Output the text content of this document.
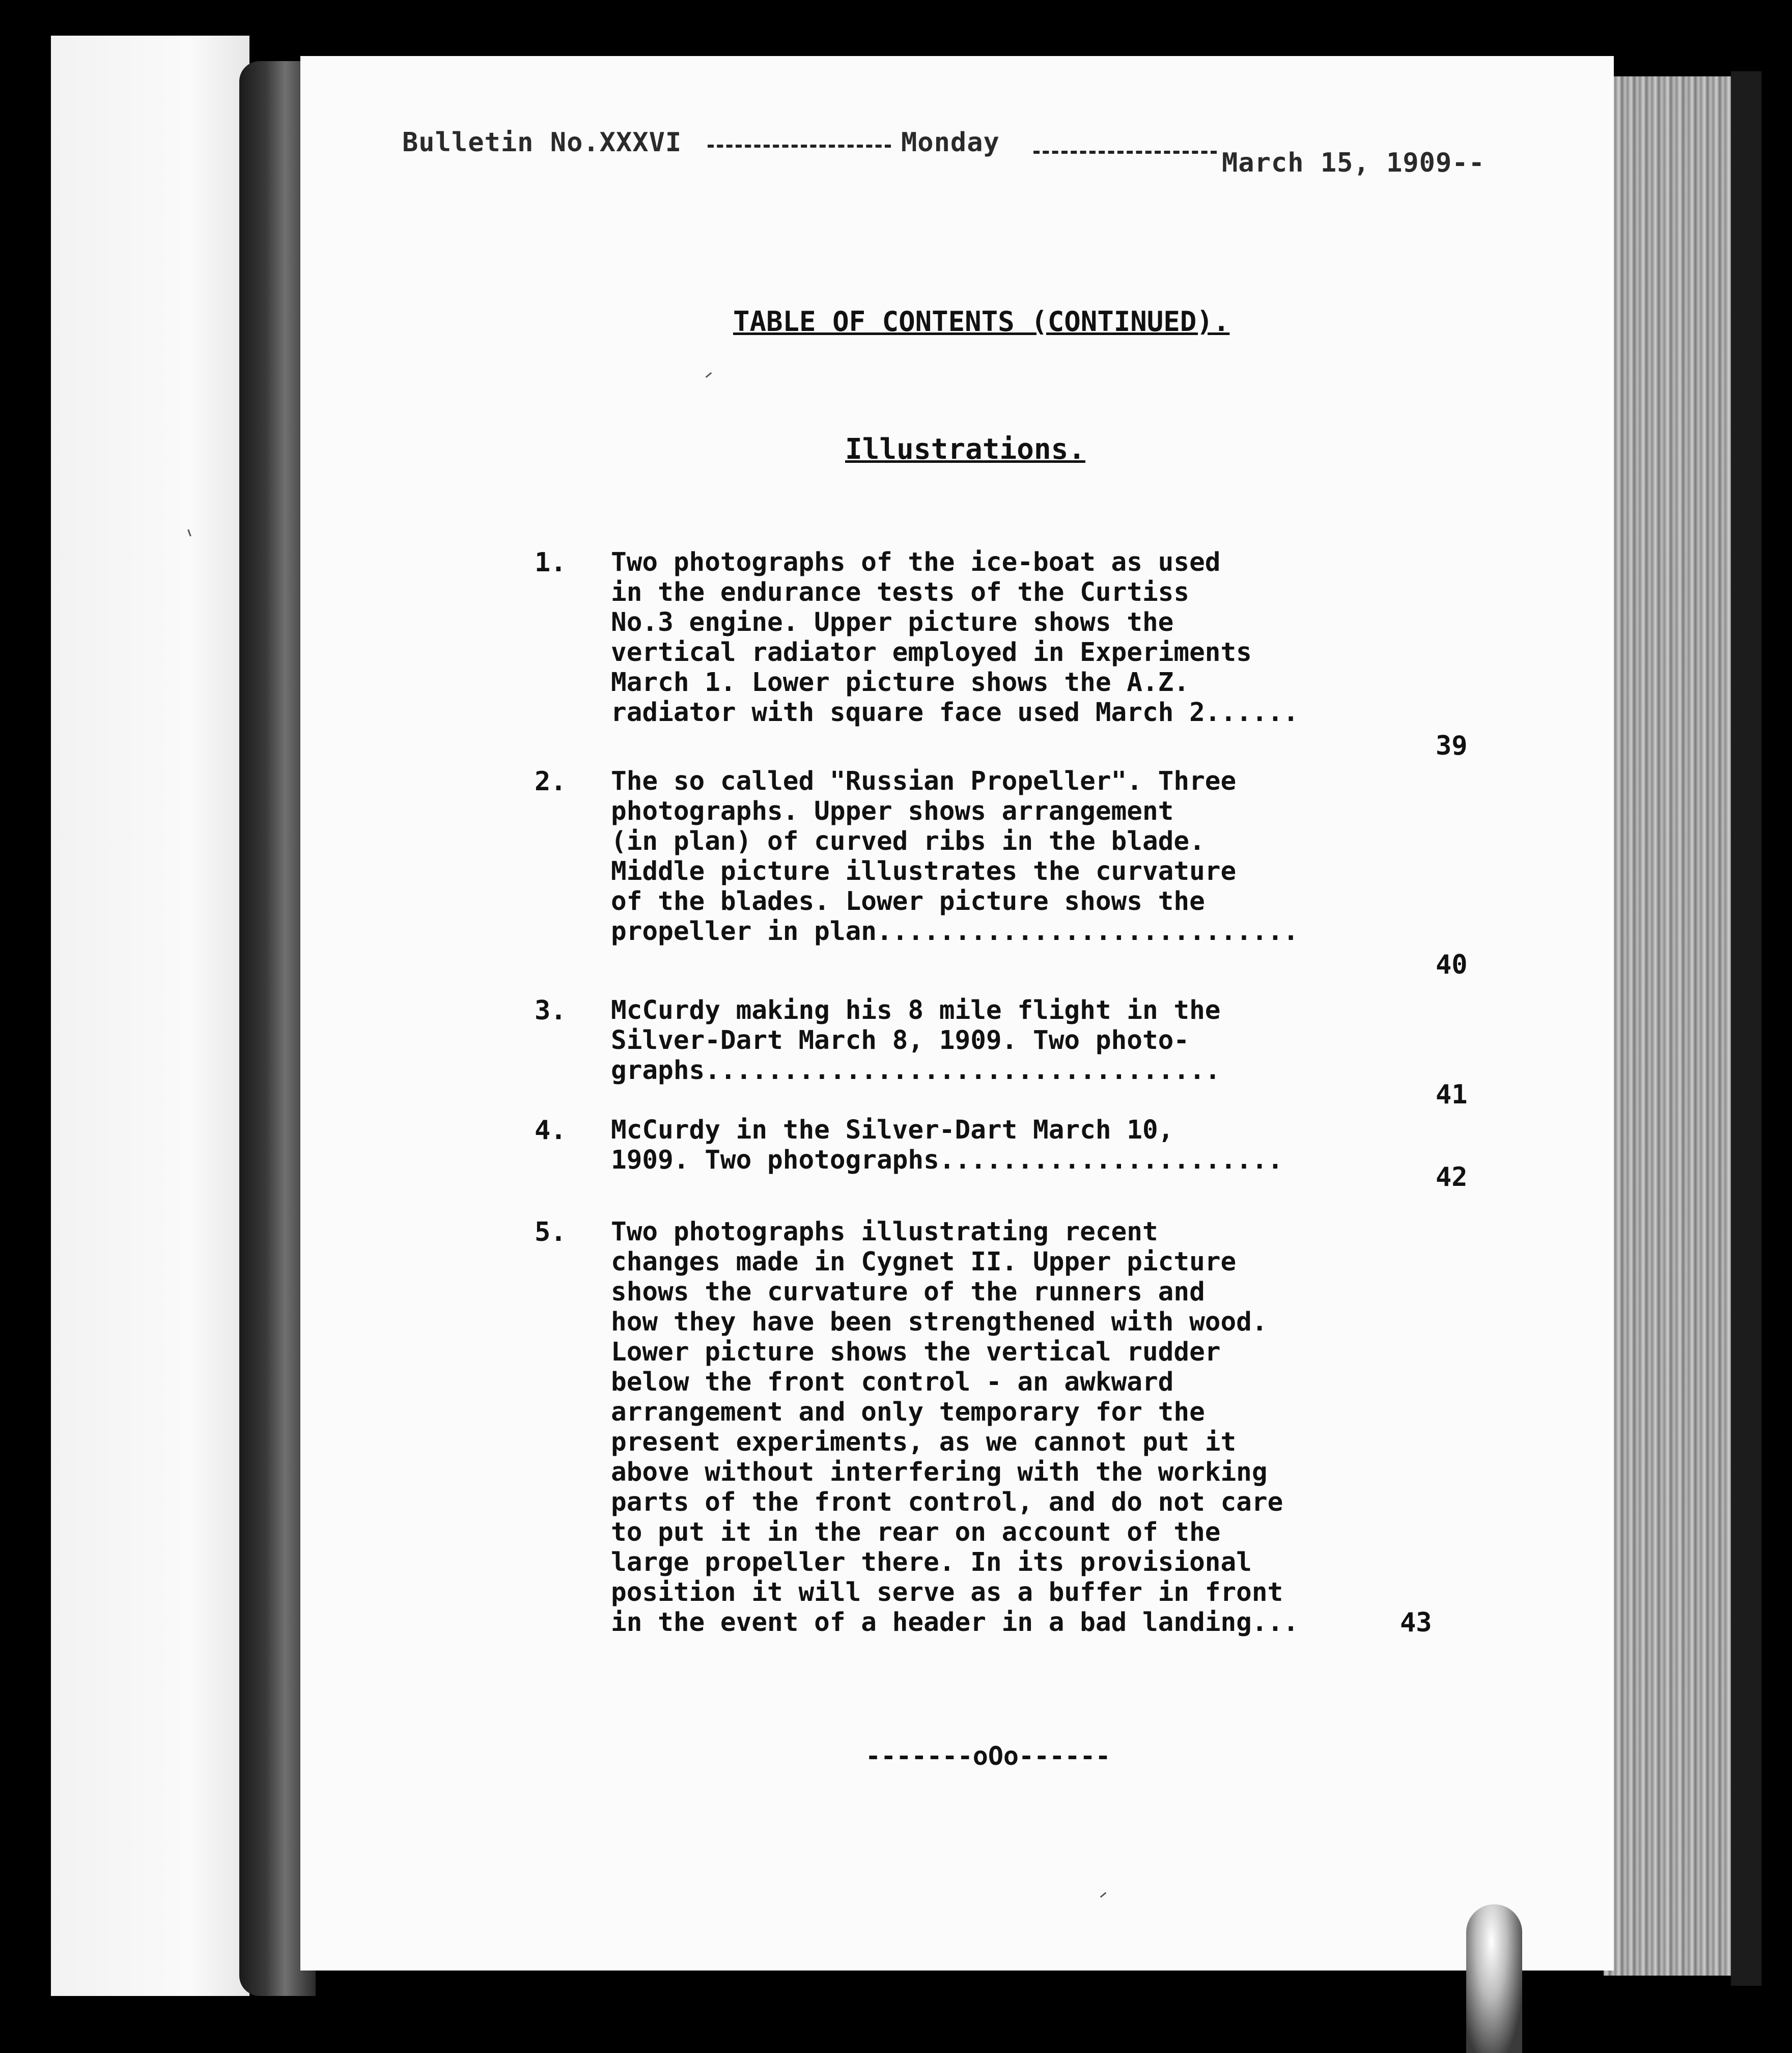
Bulletin No.XXXVI	Monday
March 15, 1909--
TABLE OF CONTENTS (CONTINUED).
Illustrations.
1. Two photographs of the ice-boat as used
in the endurance tests of the Curtiss
No.3 engine. Upper picture shows the
vertical radiator employed in Experiments
March 1. Lower picture shows the A.Z.
radiator with square face used March 2......
39
2. The so called "Russian Propeller". Three
photographs. Upper shows arrangement
(in plan) of curved ribs in the blade.
Middle picture illustrates the curvature
of the blades. Lower picture shows the
propeller in plan...........................
40
3. McCurdy making his 8 mile flight in the
Silver-Dart March 8, 1909. Two photo-
graphs.................................
41
4. McCurdy in the Silver-Dart March 10,
1909. Two photographs......................
42
5. Two photographs illustrating recent
changes made in Cygnet II. Upper picture
shows the curvature of the runners and
how they have been strengthened with wood.
Lower picture shows the vertical rudder
below the front control - an awkward
arrangement and only temporary for the
present experiments, as we cannot put it
above without interfering with the working
parts of the front control, and do not care
to put it in the rear on account of the
large propeller there. In its provisional
position it will serve as a buffer in front
in the event of a header in a bad landing...	43
-------oOo------
